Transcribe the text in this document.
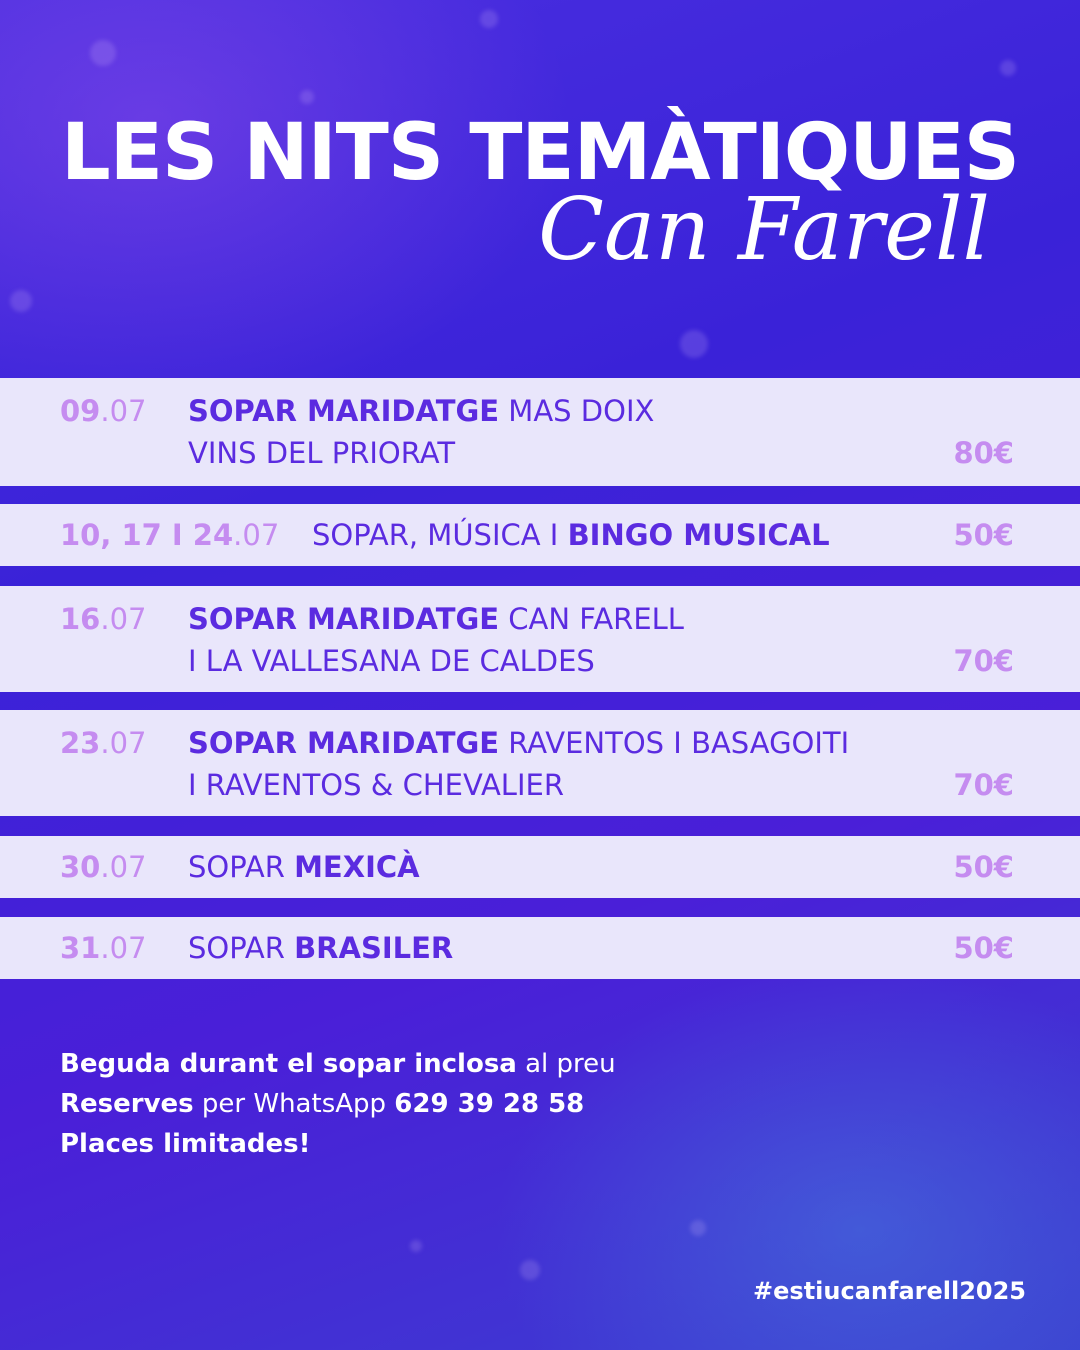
LES NITS TEMÀTIQUES
Can Farell
09.07 SOPAR MARIDATGE MAS DOIX
VINS DEL PRIORAT	80€
10, 17 I 24.07 SOPAR, MÚSICA I BINGO MUSICAL	50€
16.07 SOPAR MARIDATGE CAN FARELL
I LA VALLESANA DE CALDES	70€
23.07 SOPAR MARIDATGE RAVENTOS I BASAGOITI
I RAVENTOS & CHEVALIER	70€
30.07 SOPAR MEXICÀ	50€
31.07 SOPAR BRASILER	50€
Beguda durant el sopar inclosa al preu
Reserves per WhatsApp 629 39 28 58
Places limitades!
#estiucanfarell2025
